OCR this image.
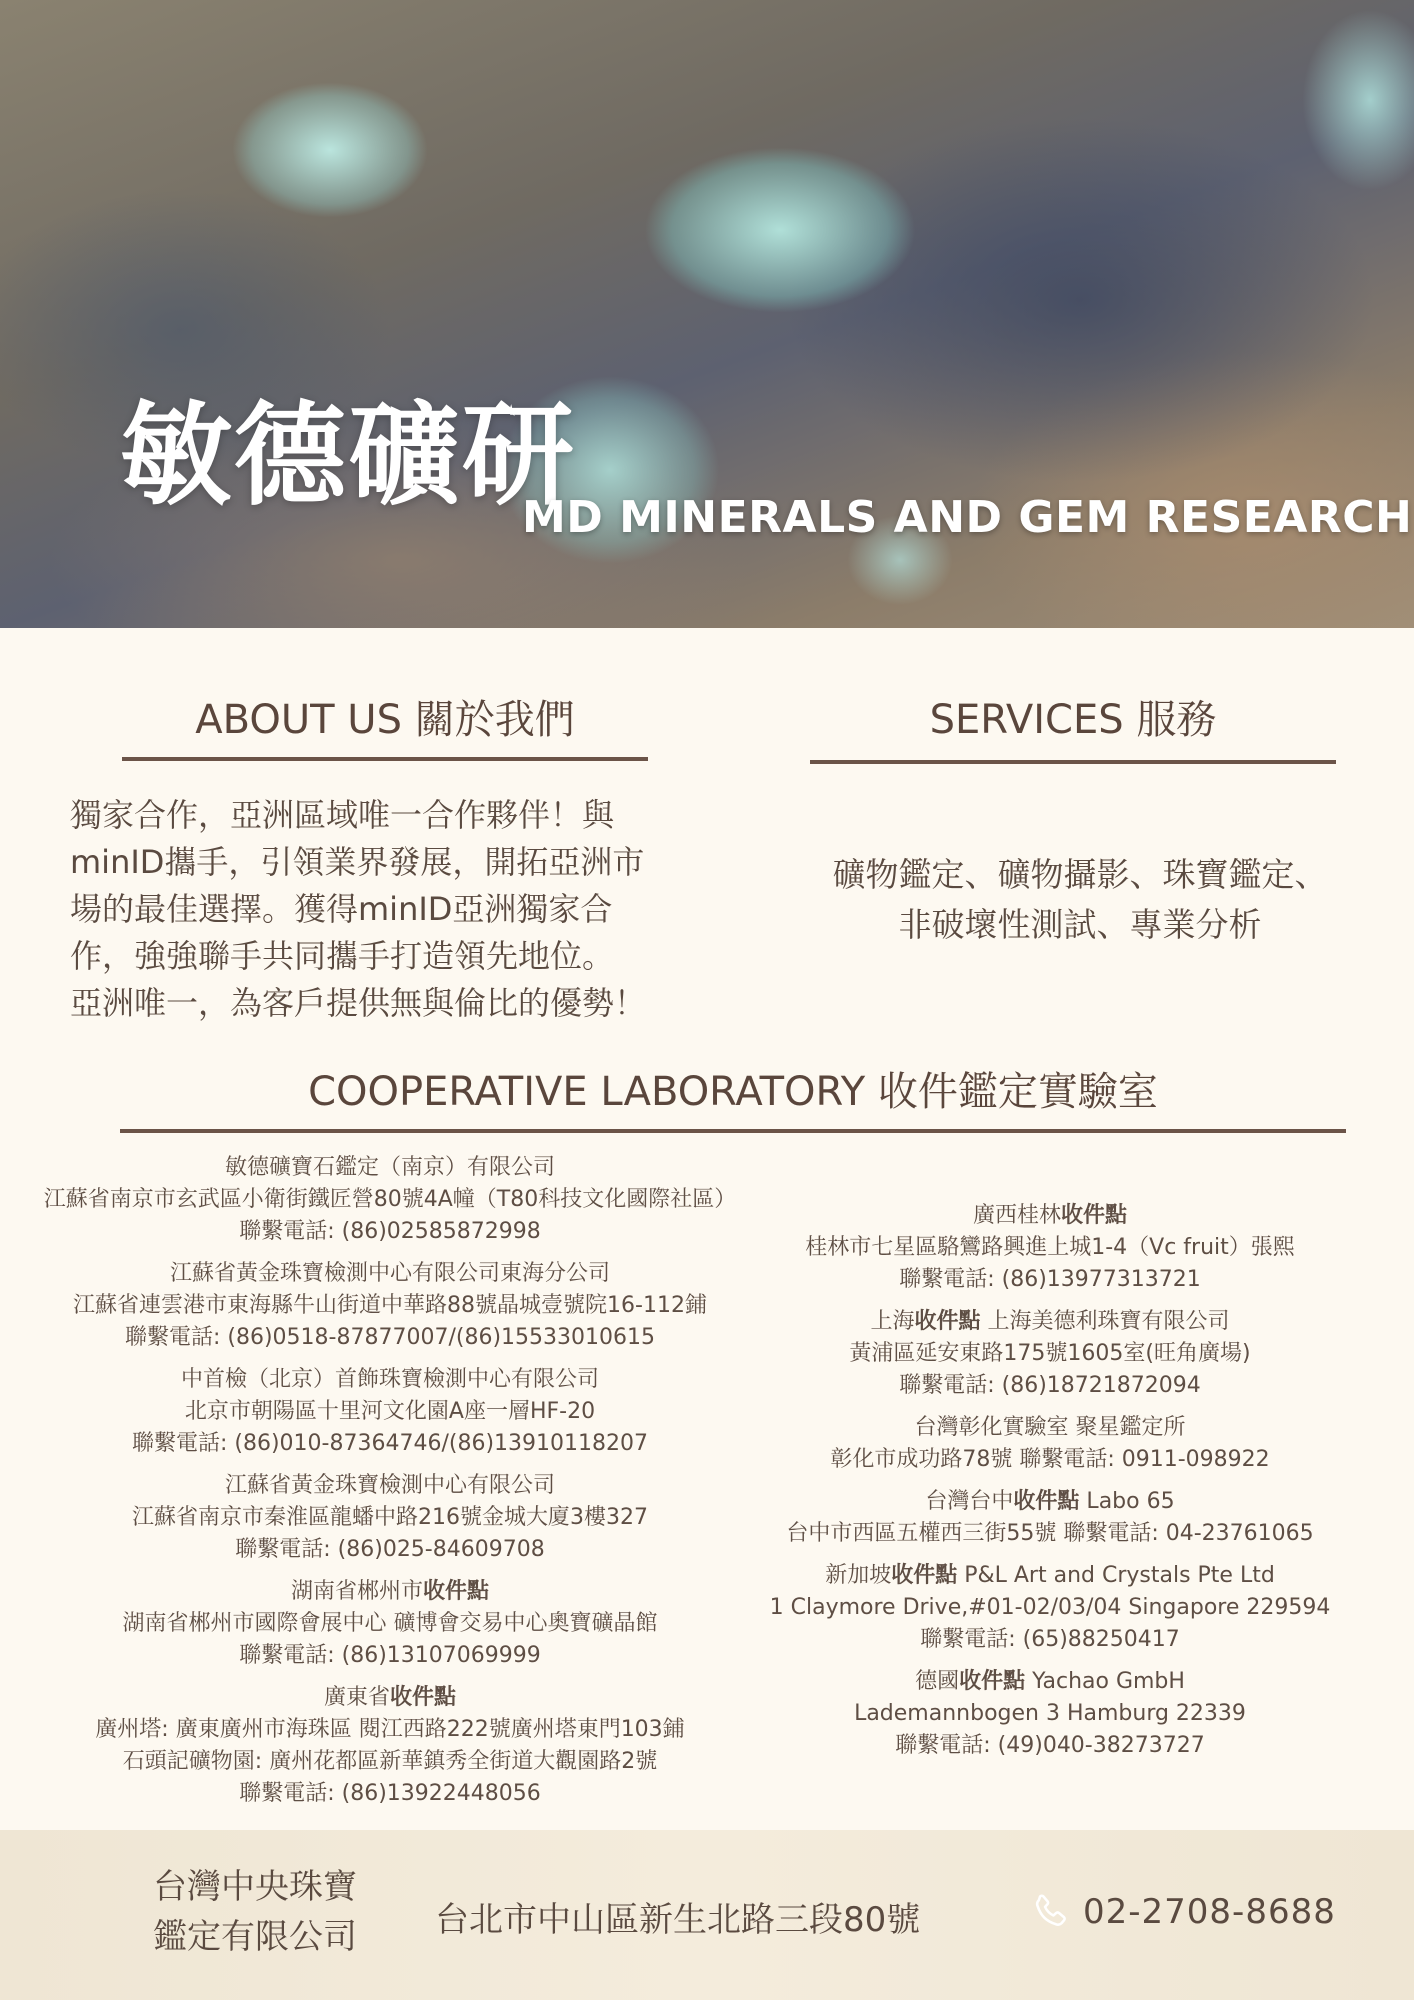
敏德礦研
MD MINERALS AND GEM RESEARCH
ABOUT US 關於我們

獨家合作，亞洲區域唯一合作夥伴！與

minID攜手，引領業界發展，開拓亞洲市

場的最佳選擇。獲得minID亞洲獨家合

作，強強聯手共同攜手打造領先地位。

亞洲唯一，為客戶提供無與倫比的優勢！

SERVICES 服務
礦物鑑定、礦物攝影、珠寶鑑定、
非破壞性測試、專業分析
COOPERATIVE LABORATORY 收件鑑定實驗室
敏德礦寶石鑑定（南京）有限公司
江蘇省南京市玄武區小衛街鐵匠營80號4A幢（T80科技文化國際社區）
聯繫電話: (86)02585872998
江蘇省黃金珠寶檢測中心有限公司東海分公司
江蘇省連雲港市東海縣牛山街道中華路88號晶城壹號院16-112鋪
聯繫電話: (86)0518-87877007/(86)15533010615
中首檢（北京）首飾珠寶檢測中心有限公司
北京市朝陽區十里河文化園A座一層HF-20
聯繫電話: (86)010-87364746/(86)13910118207
江蘇省黃金珠寶檢測中心有限公司
江蘇省南京市秦淮區龍蟠中路216號金城大廈3樓327
聯繫電話: (86)025-84609708
湖南省郴州市收件點
湖南省郴州市國際會展中心 礦博會交易中心奧寶礦晶館
聯繫電話: (86)13107069999
廣東省收件點
廣州塔: 廣東廣州市海珠區 閱江西路222號廣州塔東門103鋪
石頭記礦物園: 廣州花都區新華鎮秀全街道大觀園路2號
聯繫電話: (86)13922448056
廣西桂林收件點
桂林市七星區駱鸞路興進上城1-4（Vc fruit）張熙
聯繫電話: (86)13977313721
上海收件點 上海美德利珠寶有限公司
黃浦區延安東路175號1605室(旺角廣場)
聯繫電話: (86)18721872094
台灣彰化實驗室 聚星鑑定所
彰化市成功路78號 聯繫電話: 0911-098922
台灣台中收件點 Labo 65
台中市西區五權西三街55號 聯繫電話: 04-23761065
新加坡收件點 P&L Art and Crystals Pte Ltd
1 Claymore Drive,#01-02/03/04 Singapore 229594
聯繫電話: (65)88250417
德國收件點 Yachao GmbH
Lademannbogen 3 Hamburg 22339
聯繫電話: (49)040-38273727
台灣中央珠寶
鑑定有限公司	台北市中山區新生北路三段80號	02-2708-8688
